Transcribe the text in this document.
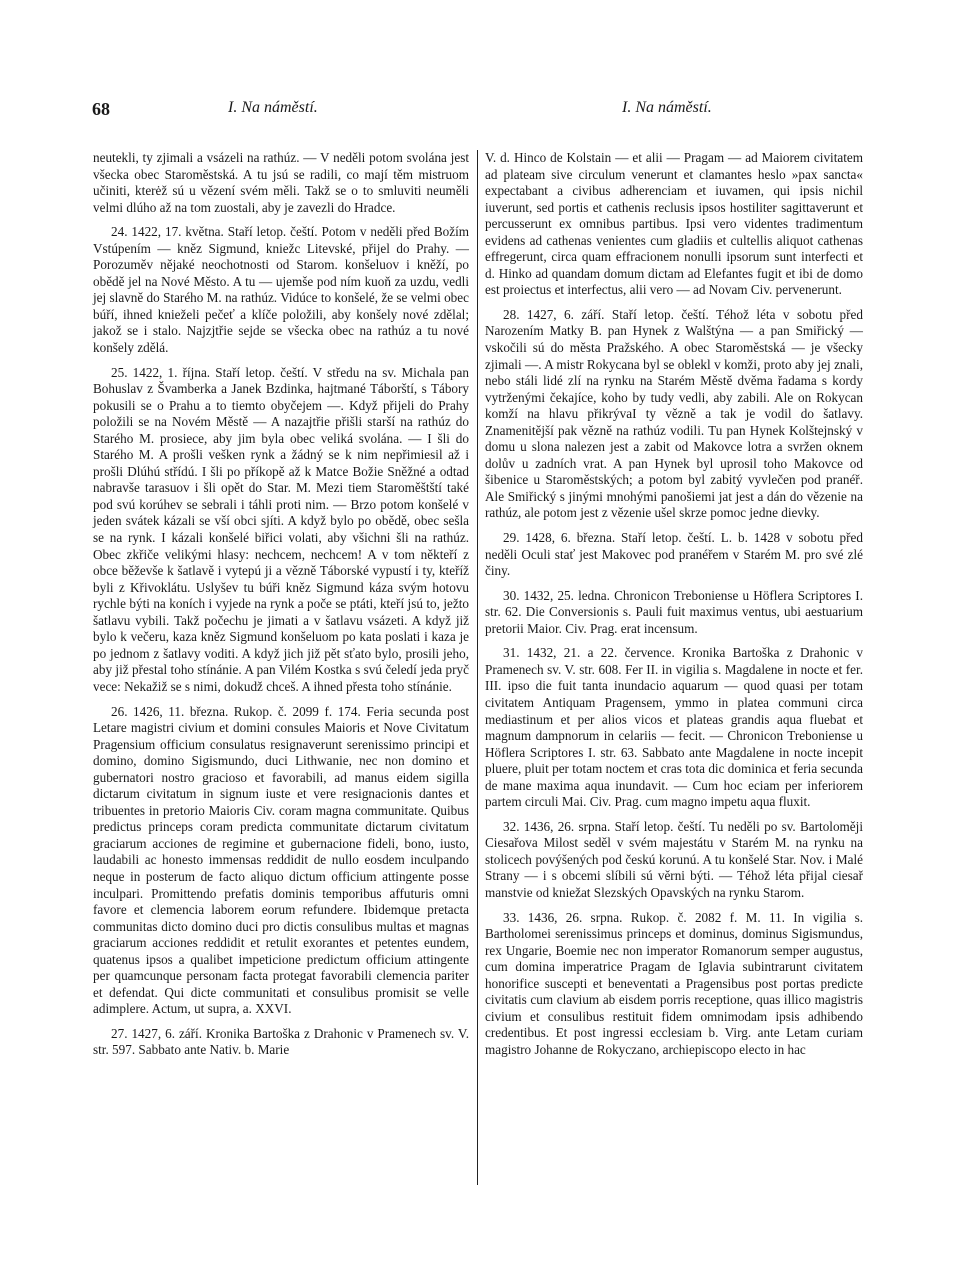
68	I. Na náměstí.	I. Na náměstí.

neutekli, ty zjimali a vsázeli na rathúz. — V neděli potom svolána jest všecka obec Staroměstská. A tu jsú se radili, co mají těm mistruom učiniti, kterėž sú u vězení svém měli. Takž se o to smluviti neuměli velmi dlúho až na tom zuostali, aby je zavezli do Hradce.

24. 1422, 17. května. Staří letop. čeští. Potom v neděli před Božím Vstúpením — kněz Sigmund, kniežc Litevské, přijel do Prahy. — Porozuměv nějaké neochotnosti od Starom. konšeluov i kněží, po obědě jel na Nové Město. A tu — ujemše pod ním kuoň za uzdu, vedli jej slavně do Starého M. na rathúz. Vidúce to konšelé, že se velmi obec búří, ihned knieželi pečeť a klíče položili, aby konšely nové zdělal; jakož se i stalo. Najzjtřie sejde se všecka obec na rathúz a tu nové konšely zdělá.

25. 1422, 1. října. Staří letop. čeští. V středu na sv. Michala pan Bohuslav z Švamberka a Janek Bzdinka, hajtmané Táborští, s Tábory pokusili se o Prahu a to tiemto obyčejem —. Když přijeli do Prahy položili se na Novém Městě — A nazajtřie přišli starší na rathúz do Starého M. prosiece, aby jim byla obec veliká svolána. — I šli do Starého M. A prošli vešken rynk a žádný se k nim nepřimiesil až i prošli Dlúhú střídú. I šli po příkopě až k Matce Božie Sněžné a odtad nabravše tarasuov i šli opět do Star. M. Mezi tiem Staroměštští také pod svú korúhev se sebrali i táhli proti nim. — Brzo potom konšelé v jeden svátek kázali se vší obci sjíti. A když bylo po obědě, obec sešla se na rynk. I kázali konšelé biřici volati, aby všichni šli na rathúz. Obec zkřiče velikými hlasy: nechcem, nechcem! A v tom někteří z obce běževše k šatlavě i vytepú ji a vězně Táborské vypustí i ty, kteříž byli z Křivoklátu. Uslyšev tu búři kněz Sigmund káza svým hotovu rychle býti na koních i vyjede na rynk a poče se ptáti, kteří jsú to, ježto šatlavu vybili. Takž počechu je jimati a v šatlavu vsázeti. A když již bylo k večeru, kaza kněz Sigmund konšeluom po kata poslati i kaza je po jednom z šatlavy voditi. A když jich již pět sťato bylo, prosili jeho, aby již přestal toho stínánie. A pan Vilém Kostka s svú čeledí jeda pryč vece: Nekažiž se s nimi, dokudž chceš. A ihned přesta toho stínánie.

26. 1426, 11. března. Rukop. č. 2099 f. 174. Feria secunda post Letare magistri civium et domini consules Maioris et Nove Civitatum Pragensium officium consulatus resignaverunt serenissimo principi et domino, domino Sigismundo, duci Lithwanie, nec non domino et gubernatori nostro gracioso et favorabili, ad manus eidem sigilla dictarum civitatum in signum iuste et vere resignacionis dantes et tribuentes in pretorio Maioris Civ. coram magna communitate. Quibus predictus princeps coram predicta communitate dictarum civitatum graciarum acciones de regimine et gubernacione fideli, bono, iusto, laudabili ac honesto immensas reddidit de nullo eosdem inculpando neque in posterum de facto aliquo dictum officium attingente posse inculpari. Promittendo prefatis dominis temporibus affuturis omni favore et clemencia laborem eorum refundere. Ibidemque pretacta communitas dicto domino duci pro dictis consulibus multas et magnas graciarum acciones reddidit et retulit exorantes et petentes eundem, quatenus ipsos a qualibet impeticione predictum officium attingente per quamcunque personam facta protegat favorabili clemencia pariter et defendat. Qui dicte communitati et consulibus promisit se velle adimplere. Actum, ut supra, a. XXVI.

27. 1427, 6. září. Kronika Bartoška z Drahonic v Pramenech sv. V. str. 597. Sabbato ante Nativ. b. Marie

V. d. Hinco de Kolstain — et alii — Pragam — ad Maiorem civitatem ad plateam sive circulum venerunt et clamantes heslo »pax sancta« expectabant a civibus adherenciam et iuvamen, qui ipsis nichil iuverunt, sed portis et cathenis reclusis ipsos hostiliter sagittaverunt et percusserunt ex omnibus partibus. Ipsi vero videntes tradimentum evidens ad cathenas venientes cum gladiis et cultellis aliquot cathenas effregerunt, circa quam effracionem nonulli ipsorum sunt interfecti et d. Hinko ad quandam domum dictam ad Elefantes fugit et ibi de domo est proiectus et interfectus, alii vero — ad Novam Civ. pervenerunt.

28. 1427, 6. září. Staří letop. čeští. Téhož léta v sobotu před Narozením Matky B. pan Hynek z Walštýna — a pan Smiřický — vskočili sú do města Pražského. A obec Staroměstská — je všecky zjimali —. A mistr Rokycana byl se oblekl v komži, proto aby jej znali, nebo stáli lidé zlí na rynku na Starém Městě dvěma řadama s kordy vytrženými čekajíce, koho by tudy vedli, aby zabili. Ale on Rokycan komží na hlavu přikrývaI ty vězně a tak je vodil do šatlavy. Znamenitější pak vězně na rathúz vodili. Tu pan Hynek Kolštejnský v domu u slona nalezen jest a zabit od Makovce lotra a svržen oknem dolův u zadních vrat. A pan Hynek byl uprosil toho Makovce od šibenice u Staroměstských; a potom byl zabitý vyvlečen pod pranéř. Ale Smiřický s jinými mnohými panošiemi jat jest a dán do vězenie na rathúz, ale potom jest z vězenie ušel skrze pomoc jedne dievky.

29. 1428, 6. března. Staří letop. čeští. L. b. 1428 v sobotu před neděli Oculi stať jest Makovec pod pranéřem v Starém M. pro své zlé činy.

30. 1432, 25. ledna. Chronicon Treboniense u Höflera Scriptores I. str. 62. Die Conversionis s. Pauli fuit maximus ventus, ubi aestuarium pretorii Maior. Civ. Prag. erat incensum.

31. 1432, 21. a 22. července. Kronika Bartoška z Drahonic v Pramenech sv. V. str. 608. Fer II. in vigilia s. Magdalene in nocte et fer. III. ipso die fuit tanta inundacio aquarum — quod quasi per totam civitatem Antiquam Pragensem, ymmo in platea communi circa mediastinum et per alios vicos et plateas grandis aqua fluebat et magnum dampnorum in celariis — fecit. — Chronicon Treboniense u Höflera Scriptores I. str. 63. Sabbato ante Magdalene in nocte incepit pluere, pluit per totam noctem et cras tota dic dominica et feria secunda de mane maxima aqua inundavit. — Cum hoc eciam per inferiorem partem circuli Mai. Civ. Prag. cum magno impetu aqua fluxit.

32. 1436, 26. srpna. Staří letop. čeští. Tu neděli po sv. Bartoloměji Ciesařova Milost seděl v svém majestátu v Starém M. na rynku na stolicech povýšených pod českú korunú. A tu konšelé Star. Nov. i Malé Strany — i s obcemi slíbili sú věrni býti. — Téhož léta přijal ciesař manstvie od kniežat Slezských Opavských na rynku Starom.

33. 1436, 26. srpna. Rukop. č. 2082 f. M. 11. In vigilia s. Bartholomei serenissimus princeps et dominus, dominus Sigismundus, rex Ungarie, Boemie nec non imperator Romanorum semper augustus, cum domina imperatrice Pragam de Iglavia subintrarunt civitatem honorifice suscepti et beneventati a Pragensibus post portas predicte civitatis cum clavium ab eisdem porris receptione, quas illico magistris civium et consulibus restituit fidem omnimodam ipsis adhibendo credentibus. Et post ingressi ecclesiam b. Virg. ante Letam curiam magistro Johanne de Rokyczano, archiepiscopo electo in hac
